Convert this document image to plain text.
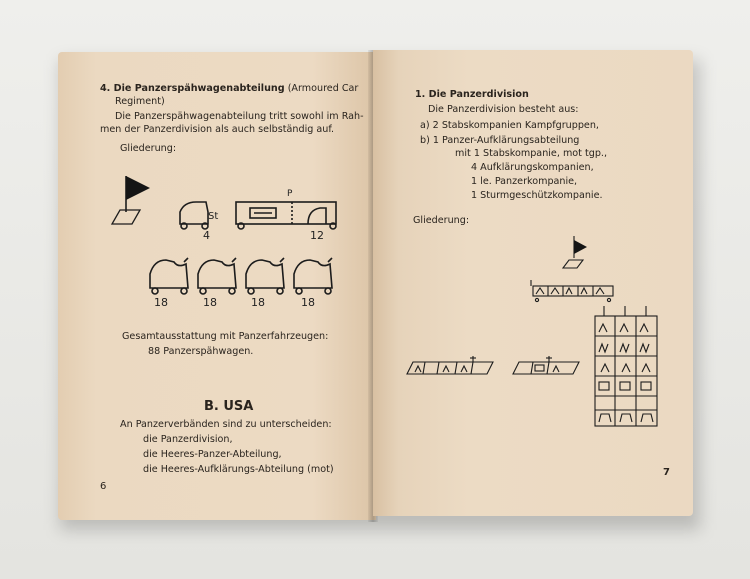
4. Die Panzerspähwagenabteilung (Armoured Car
Regiment)
Die Panzerspähwagenabteilung tritt sowohl im Rah-
men der Panzerdivision als auch selbständig auf.
Gliederung:
4
St
P
12
18	18	18	18
Gesamtausstattung mit Panzerfahrzeugen:
88 Panzerspähwagen.
B. USA
An Panzerverbänden sind zu unterscheiden:
die Panzerdivision,
die Heeres-Panzer-Abteilung,
die Heeres-Aufklärungs-Abteilung (mot)
6
1. Die Panzerdivision
Die Panzerdivision besteht aus:
a) 2 Stabskompanien Kampfgruppen,
b) 1 Panzer-Aufklärungsabteilung
mit 1 Stabskompanie, mot tgp.,
4 Aufklärungskompanien,
1 le. Panzerkompanie,
1 Sturmgeschützkompanie.
Gliederung:
7
